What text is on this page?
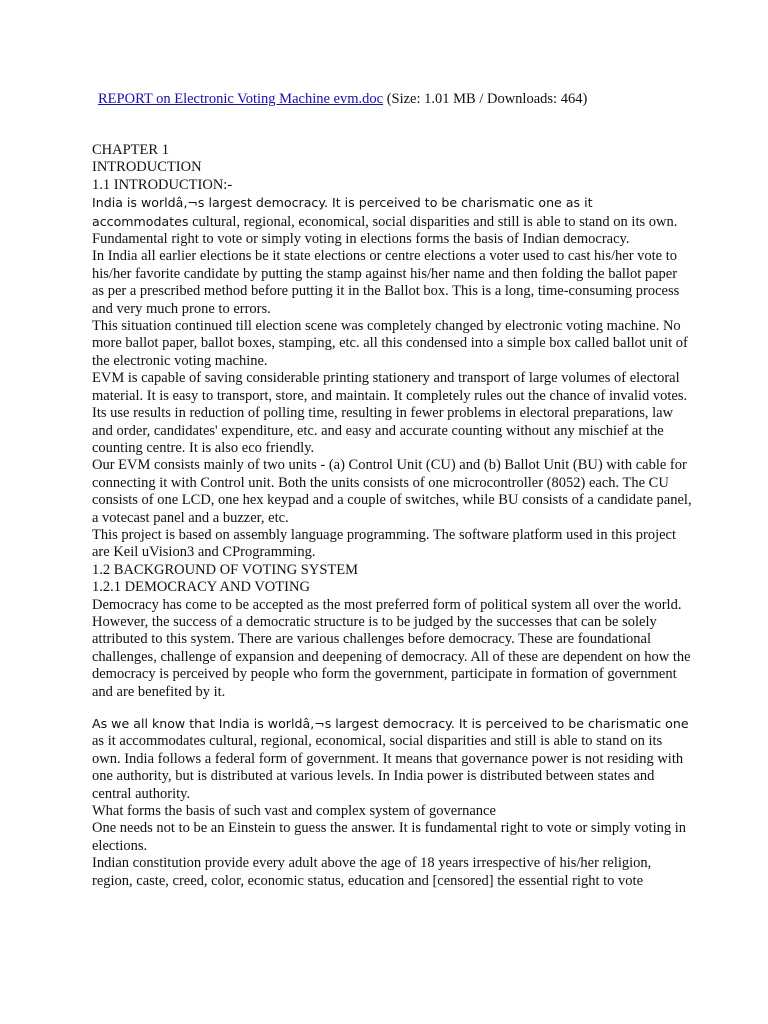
REPORT on Electronic Voting Machine evm.doc (Size: 1.01 MB / Downloads: 464)

CHAPTER 1

INTRODUCTION

1.1 INTRODUCTION:-

India is worldâ‚¬s largest democracy. It is perceived to be charismatic one as it accommodates cultural, regional, economical, social disparities and still is able to stand on its own. Fundamental right to vote or simply voting in elections forms the basis of Indian democracy.

In India all earlier elections be it state elections or centre elections a voter used to cast his/her vote to his/her favorite candidate by putting the stamp against his/her name and then folding the ballot paper as per a prescribed method before putting it in the Ballot box. This is a long, time-consuming process and very much prone to errors.

This situation continued till election scene was completely changed by electronic voting machine. No more ballot paper, ballot boxes, stamping, etc. all this condensed into a simple box called ballot unit of the electronic voting machine.

EVM is capable of saving considerable printing stationery and transport of large volumes of electoral material. It is easy to transport, store, and maintain. It completely rules out the chance of invalid votes. Its use results in reduction of polling time, resulting in fewer problems in electoral preparations, law and order, candidates' expenditure, etc. and easy and accurate counting without any mischief at the counting centre. It is also eco friendly.

Our EVM consists mainly of two units - (a) Control Unit (CU) and (b) Ballot Unit (BU) with cable for connecting it with Control unit. Both the units consists of one microcontroller (8052) each. The CU consists of one LCD, one hex keypad and a couple of switches, while BU consists of a candidate panel, a votecast panel and a buzzer, etc.

This project is based on assembly language programming. The software platform used in this project are Keil uVision3 and CProgramming.

1.2 BACKGROUND OF VOTING SYSTEM

1.2.1 DEMOCRACY AND VOTING

Democracy has come to be accepted as the most preferred form of political system all over the world. However, the success of a democratic structure is to be judged by the successes that can be solely attributed to this system. There are various challenges before democracy. These are foundational challenges, challenge of expansion and deepening of democracy. All of these are dependent on how the democracy is perceived by people who form the government, participate in formation of government and are benefited by it.

As we all know that India is worldâ‚¬s largest democracy. It is perceived to be charismatic one as it accommodates cultural, regional, economical, social disparities and still is able to stand on its own. India follows a federal form of government. It means that governance power is not residing with one authority, but is distributed at various levels. In India power is distributed between states and central authority.

What forms the basis of such vast and complex system of governance

One needs not to be an Einstein to guess the answer. It is fundamental right to vote or simply voting in elections.

Indian constitution provide every adult above the age of 18 years irrespective of his/her religion, region, caste, creed, color, economic status, education and [censored] the essential right to vote
